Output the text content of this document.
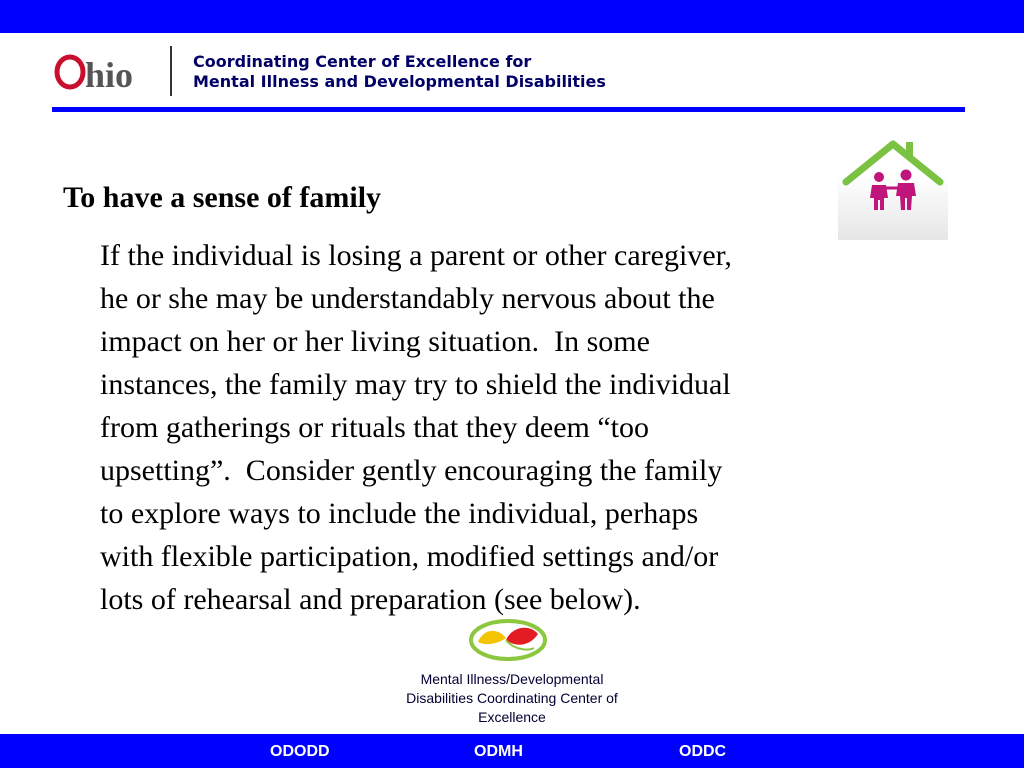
hio	Coordinating Center of Excellence for
Mental Illness and Developmental Disabilities
To have a sense of family
If the individual is losing a parent or other caregiver,
he or she may be understandably nervous about the
impact on her or her living situation.  In some
instances, the family may try to shield the individual
from gatherings or rituals that they deem “too
upsetting”.  Consider gently encouraging the family
to explore ways to include the individual, perhaps
with flexible participation, modified settings and/or
lots of rehearsal and preparation (see below).
Mental Illness/Developmental
Disabilities Coordinating Center of
Excellence
ODODD	ODMH	ODDC
